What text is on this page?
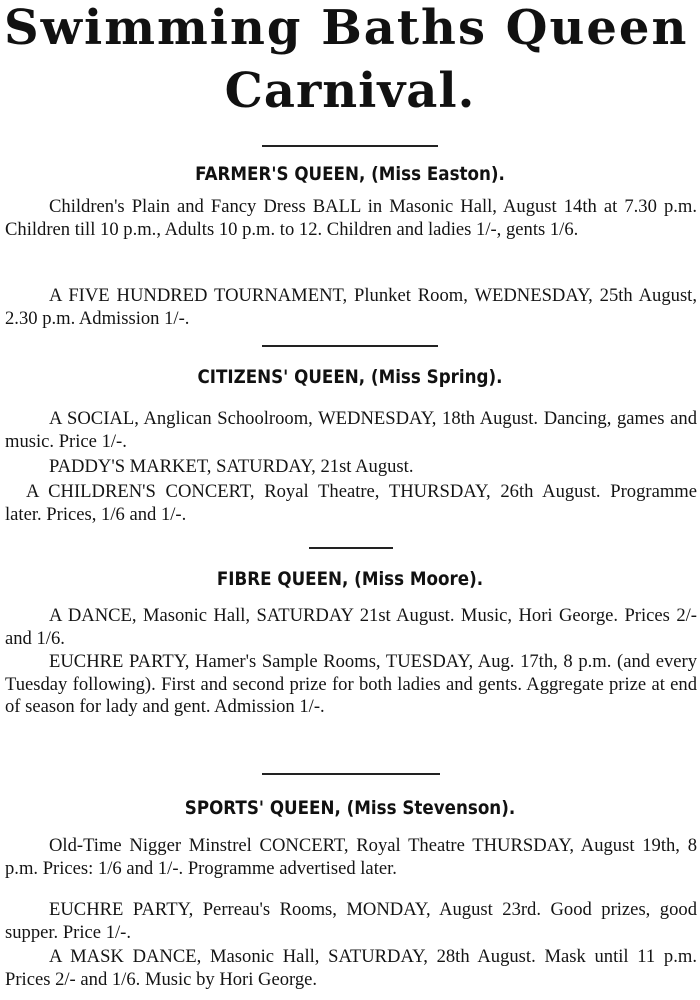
Swimming Baths Queen
Carnival.
FARMER'S QUEEN, (Miss Easton).

Children's Plain and Fancy Dress BALL in Masonic Hall, August 14th at 7.30 p.m. Children till 10 p.m., Adults 10 p.m. to 12. Children and ladies 1/-, gents 1/6.

A FIVE HUNDRED TOURNAMENT, Plunket Room, WEDNESDAY, 25th August, 2.30 p.m. Admission 1/-.

CITIZENS' QUEEN, (Miss Spring).

A SOCIAL, Anglican Schoolroom, WEDNESDAY, 18th August. Dancing, games and music. Price 1/-.

PADDY'S MARKET, SATURDAY, 21st August.

A CHILDREN'S CONCERT, Royal Theatre, THURSDAY, 26th August. Programme later. Prices, 1/6 and 1/-.

FIBRE QUEEN, (Miss Moore).

A DANCE, Masonic Hall, SATURDAY 21st August. Music, Hori George. Prices 2/- and 1/6.

EUCHRE PARTY, Hamer's Sample Rooms, TUESDAY, Aug. 17th, 8 p.m. (and every Tuesday following). First and second prize for both ladies and gents. Aggregate prize at end of season for lady and gent. Admission 1/-.

SPORTS' QUEEN, (Miss Stevenson).

Old-Time Nigger Minstrel CONCERT, Royal Theatre THURSDAY, August 19th, 8 p.m. Prices: 1/6 and 1/-. Programme advertised later.

EUCHRE PARTY, Perreau's Rooms, MONDAY, August 23rd. Good prizes, good supper. Price 1/-.

A MASK DANCE, Masonic Hall, SATURDAY, 28th August. Mask until 11 p.m. Prices 2/- and 1/6. Music by Hori George.
